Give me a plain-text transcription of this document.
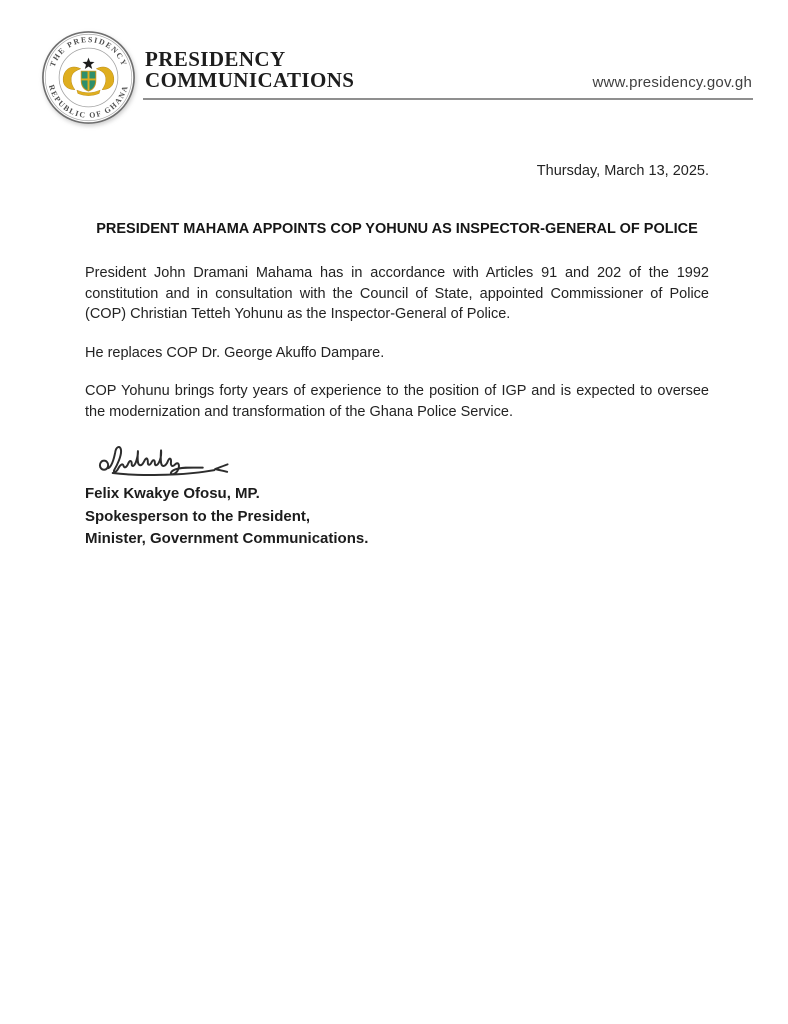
THE PRESIDENCY
REPUBLIC OF GHANA
PRESIDENCY
COMMUNICATIONS	www.presidency.gov.gh

Thursday, March 13, 2025.

PRESIDENT MAHAMA APPOINTS COP YOHUNU AS INSPECTOR-GENERAL OF POLICE

President John Dramani Mahama has in accordance with Articles 91 and 202 of the 1992 constitution and in consultation with the Council of State, appointed Commissioner of Police (COP) Christian Tetteh Yohunu as the Inspector-General of Police.

He replaces COP Dr. George Akuffo Dampare.

COP Yohunu brings forty years of experience to the position of IGP and is expected to oversee the modernization and transformation of the Ghana Police Service.

Felix Kwakye Ofosu, MP.
Spokesperson to the President,
Minister, Government Communications.
